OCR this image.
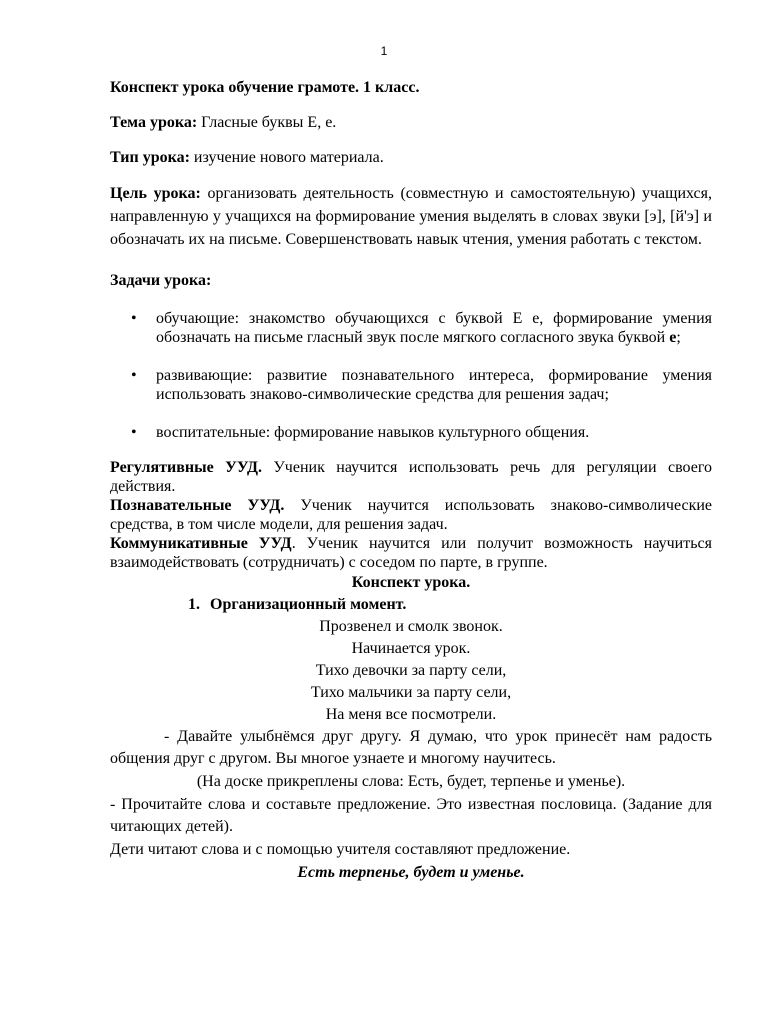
1

Конспект урока обучение грамоте. 1 класс.

Тема урока: Гласные буквы Е, е.

Тип урока: изучение нового материала.

Цель урока: организовать деятельность (совместную и самостоятельную) учащихся, направленную у учащихся на формирование умения выделять в словах звуки [э], [й'э] и обозначать их на письме. Совершенствовать навык чтения, умения работать с текстом.

Задачи урока:

• обучающие: знакомство обучающихся с буквой Е е, формирование умения обозначать на письме гласный звук после мягкого согласного звука буквой е;
• развивающие: развитие познавательного интереса, формирование умения использовать знаково-символические средства для решения задач;
• воспитательные: формирование навыков культурного общения.

Регулятивные УУД. Ученик научится использовать речь для регуляции своего действия.

Познавательные УУД. Ученик научится использовать знаково-символические средства, в том числе модели, для решения задач.

Коммуникативные УУД. Ученик научится или получит возможность научиться взаимодействовать (сотрудничать) с соседом по парте, в группе.

Конспект урока.

1. Организационный момент.

Прозвенел и смолк звонок.

Начинается урок.

Тихо девочки за парту сели,

Тихо мальчики за парту сели,

На меня все посмотрели.

- Давайте улыбнёмся друг другу. Я думаю, что урок принесёт нам радость общения друг с другом. Вы многое узнаете и многому научитесь.

(На доске прикреплены слова: Есть, будет, терпенье и уменье).

- Прочитайте слова и составьте предложение. Это известная пословица. (Задание для читающих детей).

Дети читают слова и с помощью учителя составляют предложение.

Есть терпенье, будет и уменье.
